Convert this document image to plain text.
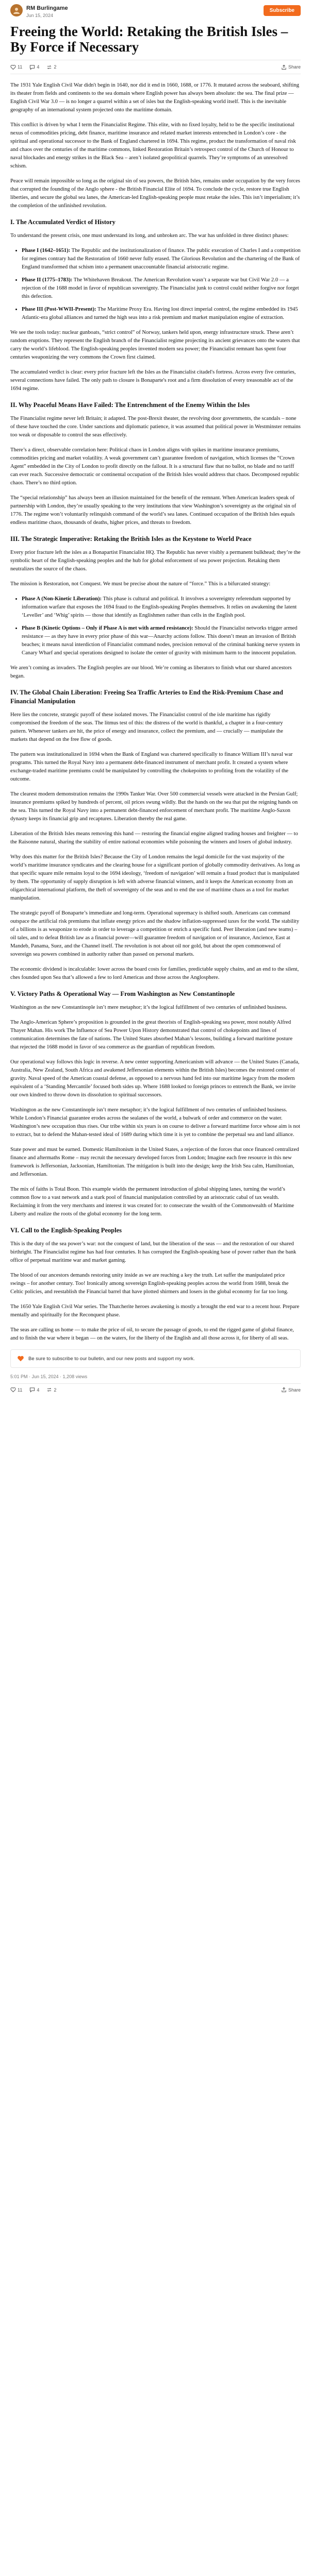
RM Burlingame
Jun 15, 2024
Subscribe
Freeing the World: Retaking the British Isles – By Force if Necessary
11	4	2	Share

The 1931 Yale English Civil War didn't begin in 1640, nor did it end in 1660, 1688, or 1776. It mutated across the seaboard, shifting its theater from fields and continents to the sea domain where English power has always been absolute: the sea. The final prize — English Civil War 3.0 — is no longer a quarrel within a set of isles but the English-speaking world itself. This is the inevitable geography of an international system projected onto the maritime domain.

This conflict is driven by what I term the Financialist Regime. This elite, with no fixed loyalty, held to be the specific institutional nexus of commodities pricing, debt finance, maritime insurance and related market interests entrenched in London’s core - the spiritual and operational successor to the Bank of England chartered in 1694. This regime, product the transformation of naval risk and chaos over the centuries of the maritime commons, linked Restoration Britain’s retrospect control of the Church of Honour to naval blockades and energy strikes in the Black Sea – aren’t isolated geopolitical quarrels. They’re symptoms of an unresolved schism.

Peace will remain impossible so long as the original sin of sea powers, the British Isles, remains under occupation by the very forces that corrupted the founding of the Anglo sphere - the British Financial Elite of 1694. To conclude the cycle, restore true English liberties, and secure the global sea lanes, the American-led English-speaking people must retake the isles. This isn’t imperialism; it’s the completion of the unfinished revolution.

I. The Accumulated Verdict of History

To understand the present crisis, one must understand its long, and unbroken arc. The war has unfolded in three distinct phases:

• Phase I (1642–1651): The Republic and the institutionalization of finance. The public execution of Charles I and a competition for regimes contrary had the Restoration of 1660 never fully erased. The Glorious Revolution and the chartering of the Bank of England transformed that schism into a permanent unaccountable financial aristocratic regime.
• Phase II (1775–1783): The Whitehaven Breakout. The American Revolution wasn’t a separate war but Civil War 2.0 — a rejection of the 1688 model in favor of republican sovereignty. The Financialist junk to control could neither forgive nor forget this defection.
• Phase III (Post-WWII-Present): The Maritime Proxy Era. Having lost direct imperial control, the regime embedded its 1945 Atlantic-era global alliances and turned the high seas into a risk premium and market manipulation engine of extraction.

We see the tools today: nuclear gunboats, “strict control” of Norway, tankers held upon, energy infrastructure struck. These aren’t random eruptions. They represent the English branch of the Financialist regime projecting its ancient grievances onto the waters that carry the world’s lifeblood. The English-speaking peoples invented modern sea power; the Financialist remnant has spent four centuries weaponizing the very commons the Crown first claimed.

The accumulated verdict is clear: every prior fracture left the Isles as the Financialist citadel's fortress. Across every five centuries, several connections have failed. The only path to closure is Bonaparte's root and a firm dissolution of every treasonable act of the 1694 regime.

II. Why Peaceful Means Have Failed: The Entrenchment of the Enemy Within the Isles

The Financialist regime never left Britain; it adapted. The post-Brexit theater, the revolving door governments, the scandals – none of these have touched the core. Under sanctions and diplomatic patience, it was assumed that political power in Westminster remains too weak or disposable to control the seas effectively.

There’s a direct, observable correlation here: Political chaos in London aligns with spikes in maritime insurance premiums, commodities pricing and market volatility. A weak government can’t guarantee freedom of navigation, which licenses the “Crown Agent” embedded in the City of London to profit directly on the fallout. It is a structural flaw that no ballot, no blade and no tariff can ever reach. Successive democratic or continental occupation of the British Isles would address that chaos. Decomposed republic chaos. There’s no third option.

The “special relationship” has always been an illusion maintained for the benefit of the remnant. When American leaders speak of partnership with London, they’re usually speaking to the very institutions that view Washington’s sovereignty as the original sin of 1776. The regime won’t voluntarily relinquish command of the world’s sea lanes. Continued occupation of the British Isles equals endless maritime chaos, thousands of deaths, higher prices, and threats to freedom.

III. The Strategic Imperative: Retaking the British Isles as the Keystone to World Peace

Every prior fracture left the isles as a Bonapartist Financialist HQ. The Republic has never visibly a permanent bulkhead; they’re the symbolic heart of the English-speaking peoples and the hub for global enforcement of sea power projection. Retaking them neutralizes the source of the chaos.

The mission is Restoration, not Conquest. We must be precise about the nature of “force.” This is a bifurcated strategy:

• Phase A (Non-Kinetic Liberation): This phase is cultural and political. It involves a sovereignty referendum supported by information warfare that exposes the 1694 fraud to the English-speaking Peoples themselves. It relies on awakening the latent ‘Leveller’ and ‘Whig’ spirits — those that identify as Englishmen rather than cells in the English pool.
• Phase B (Kinetic Options – Only if Phase A is met with armed resistance): Should the Financialist networks trigger armed resistance — as they have in every prior phase of this war—Anarchy actions follow. This doesn’t mean an invasion of British beaches; it means naval interdiction of Financialist command nodes, precision removal of the criminal banking nerve system in Canary Wharf and special operations designed to isolate the center of gravity with minimum harm to the innocent population.

We aren’t coming as invaders. The English peoples are our blood. We’re coming as liberators to finish what our shared ancestors began.

IV. The Global Chain Liberation: Freeing Sea Traffic Arteries to End the Risk-Premium Chase and Financial Manipulation

Here lies the concrete, strategic payoff of these isolated moves. The Financialist control of the isle maritime has rigidly compromised the freedom of the seas. The litmus test of this: the distress of the world is thankful, a chapter in a four-century pattern. Whenever tankers are hit, the price of energy and insurance, collect the premium, and — crucially — manipulate the markets that depend on the free flow of goods.

The pattern was institutionalized in 1694 when the Bank of England was chartered specifically to finance William III’s naval war programs. This turned the Royal Navy into a permanent debt-financed instrument of merchant profit. It created a system where exchange-traded maritime premiums could be manipulated by controlling the chokepoints to profiting from the volatility of the outcome.

The clearest modern demonstration remains the 1990s Tanker War. Over 500 commercial vessels were attacked in the Persian Gulf; insurance premiums spiked by hundreds of percent, oil prices swung wildly. But the hands on the sea that put the reigning hands on the sea. This turned the Royal Navy into a permanent debt-financed enforcement of merchant profit. The maritime Anglo-Saxon dynasty keeps its financial grip and recaptures. Liberation thereby the real game.

Liberation of the British Isles means removing this hand — restoring the financial engine aligned trading houses and freighter — to the Raisonne natural, sharing the stability of entire national economies while poisoning the winners and losers of global industry.

Why does this matter for the British Isles? Because the City of London remains the legal domicile for the vast majority of the world’s maritime insurance syndicates and the clearing house for a significant portion of globally commodity derivatives. As long as that specific square mile remains loyal to the 1694 ideology, ‘freedom of navigation’ will remain a fraud product that is manipulated by them. The opportunity of supply disruption is left with adverse financial winners, and it keeps the American economy from an oligarchical international platform, the theft of sovereignty of the seas and to end the use of maritime chaos as a tool for market manipulation.

The strategic payoff of Bonaparte’s immediate and long-term. Operational supremacy is shifted south. Americans can command outspace the artificial risk premiums that inflate energy prices and the shadow inflation-suppressed taxes for the world. The stability of a billions is as weaponize to erode in order to leverage a competition or enrich a specific fund. Peer liberation (and new teams) – oil tales, and to defeat British law as a financial power—will guarantee freedom of navigation or of insurance, Ancience, East at Mandeb, Panama, Suez, and the Channel itself. The revolution is not about oil nor gold, but about the open commonweal of sovereign sea powers combined in authority rather than passed on personal markets.

The economic dividend is incalculable: lower across the board costs for families, predictable supply chains, and an end to the silent, ches founded upon Sea that’s allowed a few to lord Americas and those across the Anglosphere.

V. Victory Paths & Operational Way — From Washington as New Constantinople

Washington as the new Constantinople isn’t mere metaphor; it’s the logical fulfillment of two centuries of unfinished business.

The Anglo-American Sphere’s proposition is grounded in the great theorists of English-speaking sea power, most notably Alfred Thayer Mahan. His work The Influence of Sea Power Upon History demonstrated that control of chokepoints and lines of communication determines the fate of nations. The United States absorbed Mahan’s lessons, building a forward maritime posture that rejected the 1688 model in favor of sea commerce as the guardian of republican freedom.

Our operational way follows this logic in reverse. A new center supporting Americanism will advance — the United States (Canada, Australia, New Zealand, South Africa and awakened Jeffersonian elements within the British Isles) becomes the restored center of gravity. Naval speed of the American coastal defense, as opposed to a nervous hand fed into our maritime legacy from the modern equivalent of a ‘Standing Mercantile’ focused both sides up. Where 1688 looked to foreign princes to entrench the Bank, we invite our own kindred to throw down its dissolution to spiritual successors.

Washington as the new Constantinople isn’t mere metaphor; it’s the logical fulfillment of two centuries of unfinished business. While London’s Financial guarantee erodes across the sealanes of the world, a bulwark of order and commerce on the water. Washington’s new occupation thus rises. Our tribe within six years is on course to deliver a forward maritime force whose aim is not to extract, but to defend the Mahan-tested ideal of 1689 during which time it is yet to combine the perpetual sea and land alliance.

State power and must be earned. Domestic Hamiltonism in the United States, a rejection of the forces that once financed centralized finance and aftermaths Rome – may recruit the necessary developed forces from London; Imagine each free resource in this new framework is Jeffersonian, Jacksonian, Hamiltonian. The mitigation is built into the design; keep the Irish Sea calm, Hamiltonian, and Jeffersonian.

The mix of faiths is Total Boon. This example wields the permanent introduction of global shipping lanes, turning the world’s common flow to a vast network and a stark pool of financial manipulation controlled by an aristocratic cabal of tax wealth. Reclaiming it from the very merchants and interest it was created for: to consecrate the wealth of the Commonwealth of Maritime Liberty and realize the roots of the global economy for the long term.

VI. Call to the English-Speaking Peoples

This is the duty of the sea power’s war: not the conquest of land, but the liberation of the seas — and the restoration of our shared birthright. The Financialist regime has had four centuries. It has corrupted the English-speaking base of power rather than the bank office of perpetual maritime war and market gaming.

The blood of our ancestors demands restoring unity inside as we are reaching a key the truth. Let suffer the manipulated price swings – for another century. Too! Ironically among sovereign English-speaking peoples across the world from 1688, break the Celtic policies, and reestablish the Financial barrel that have plotted shirmers and losers in the global economy for far too long.

The 1650 Yale English Civil War series. The Thatcherite heroes awakening is mostly a brought the end war to a recent hour. Prepare mentally and spiritually for the Reconquest phase.

The seas are calling us home — to make the price of oil, to secure the passage of goods, to end the rigged game of global finance, and to finish the war where it began — on the waters, for the liberty of the English and all those across it, for liberty of all seas.

Be sure to subscribe to our bulletin, and our new posts and support my work.
5:01 PM · Jun 15, 2024 · 1,208 views
11	4	2	Share
